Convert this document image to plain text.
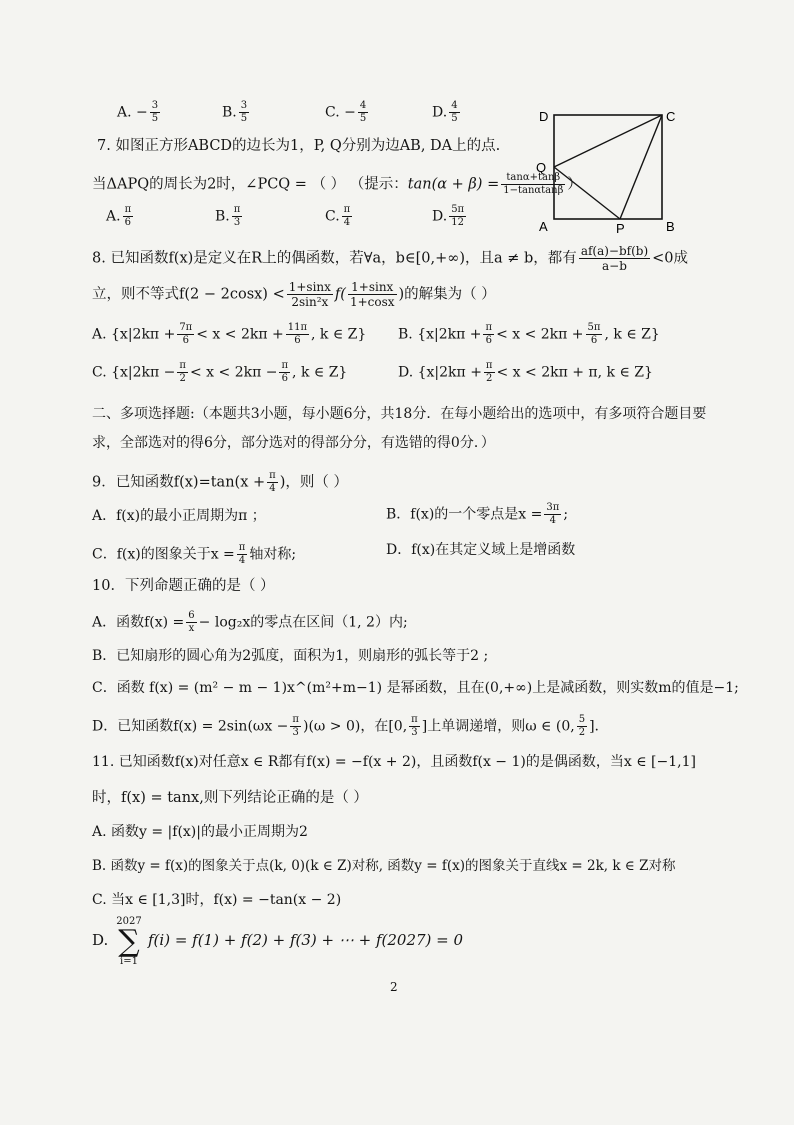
A. − $\frac{3}{5}$	B. $\frac{3}{5}$	C. − $\frac{4}{5}$	D. $\frac{4}{5}$
7. 如图正方形ABCD的边长为1，P, Q分别为边AB, DA上的点.
当ΔAPQ的周长为2时，∠PCQ = （ ） （提示：$\tan(\alpha + \beta) = \frac{\tan\alpha+\tan\beta}{1-\tan\alpha\tan\beta}$ ）
A. $\frac{\pi}{6}$	B. $\frac{\pi}{3}$	C. $\frac{\pi}{4}$	D. $\frac{5\pi}{12}$
D	C
Q
A	P	B
8. 已知函数f(x)是定义在R上的偶函数，若∀a，b∈[0,+∞)，且a ≠ b，都有 $\frac{af(a)-bf(b)}{a-b} <0$成
立，则不等式$f(2 - 2\cos x) < \frac{1+\sin x}{\text{2sin²x}} f( \frac{1+\sin x}{1+\cos x}$ )的解集为（ ）
A. {$x|2k\pi + \frac{7\pi}{6} < x < 2k\pi + \frac{11\pi}{6}$ , k ∈ Z} B. {$x|2k\pi + \frac{\pi}{6} < x < 2k\pi + \frac{5\pi}{6}$ , k ∈ Z}
C. {$x|2k\pi - \frac{\pi}{2} < x < 2k\pi - \frac{\pi}{6}$ , k ∈ Z}	D. {$x|2k\pi + \frac{\pi}{2} < x < 2k\pi + \pi$, k ∈ Z}
二、多项选择题:（本题共3小题，每小题6分，共18分．在每小题给出的选项中，有多项符合题目要
求，全部选对的得6分，部分选对的得部分分，有选错的得0分．）
9．已知函数$f(x)=\tan(x + \frac{\pi}{4}$ )，则（ ）
A．f(x)的最小正周期为π ；	B．f(x)的一个零点是$x = \frac{3\pi}{4}$ ;
C．f(x)的图象关于$x = \frac{\pi}{4}$ 轴对称;	D．f(x)在其定义域上是增函数
10．下列命题正确的是（ ）
A．函数$f(x) = \frac{6}{x} - \log_2x$的零点在区间（1, 2）内;
B．已知扇形的圆心角为2弧度，面积为1，则扇形的弧长等于2 ;
C．函数 f(x) = (m² − m − 1)x^(m²+m−1) 是幂函数，且在(0,+∞)上是减函数，则实数m的值是−1;
D．已知函数$f(x) = 2\sin(\omega x - \frac{\pi}{3} )(\omega > 0)$，在[0, $\frac{\pi}{3}$ ]上单调递增，则ω ∈ (0, $\frac{5}{2}$ ].
11. 已知函数f(x)对任意x ∈ R都有f(x) = −f(x + 2)，且函数f(x − 1)的是偶函数，当x ∈ [−1,1]
时，f(x) = tanx,则下列结论正确的是（ ）
A. 函数y = |f(x)|的最小正周期为2
B. 函数y = f(x)的图象关于点(k, 0)(k ∈ Z)对称, 函数y = f(x)的图象关于直线x = 2k, k ∈ Z对称
C. 当x ∈ [1,3]时，f(x) = −tan(x − 2)
D.
2027
∑
i=1
f(i) = f(1) + f(2) + f(3) + ⋯ + f(2027) = 0
2
